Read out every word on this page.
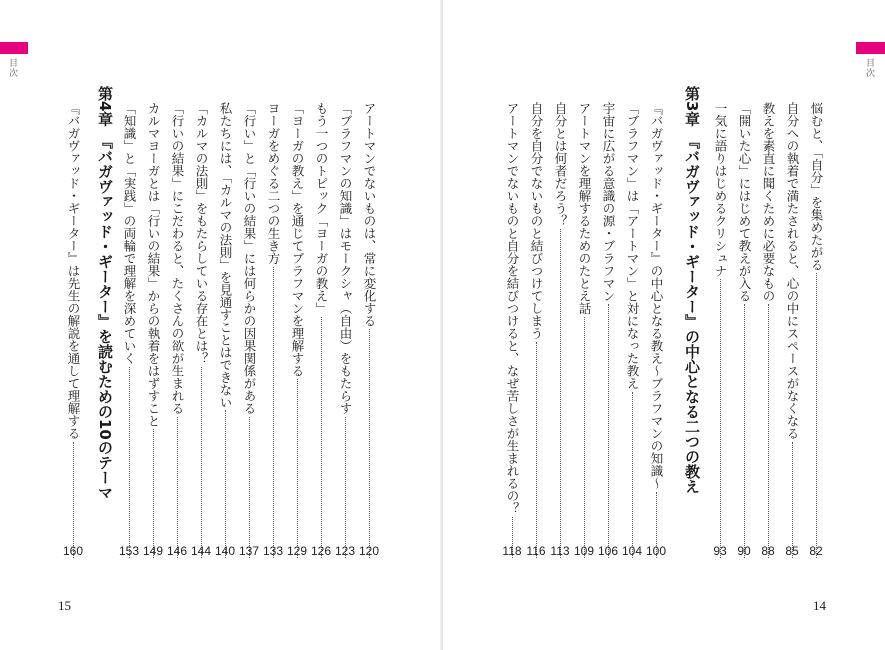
目次
アートマンでないものは、常に変化する
120
「ブラフマンの知識」はモークシャ（自由）をもたらす
123
もう一つのトピック「ヨーガの教え」
126
「ヨーガの教え」を通じてブラフマンを理解する
129
ヨーガをめぐる二つの生き方
133
「行い」と「行いの結果」には何らかの因果関係がある
137
私たちには、「カルマの法則」を見通すことはできない
140
「カルマの法則」をもたらしている存在とは？
144
「行いの結果」にこだわると、たくさんの欲が生まれる
146
カルマヨーガとは「行いの結果」からの執着をはずすこと
149
「知識」と「実践」の両輪で理解を深めていく
153
第4章　『バガヴァッド・ギーター』を読むための10のテーマ
『バガヴァッド・ギーター』は先生の解説を通して理解する
160
15
目次
悩むと、「自分」を集めたがる
82
自分への執着で満たされると、心の中にスペースがなくなる
85
教えを素直に聞くために必要なもの
88
「開いた心」にはじめて教えが入る
90
一気に語りはじめるクリシュナ
93
第3章　『バガヴァッド・ギーター』の中心となる二つの教え
『バガヴァッド・ギーター』の中心となる教え〜ブラフマンの知識〜
100
「ブラフマン」は「アートマン」と対になった教え
104
宇宙に広がる意識の源・ブラフマン
106
アートマンを理解するためのたとえ話
109
自分とは何者だろう？
113
自分を自分でないものと結びつけてしまう
116
アートマンでないものと自分を結びつけると、なぜ苦しさが生まれるの？
118
14
